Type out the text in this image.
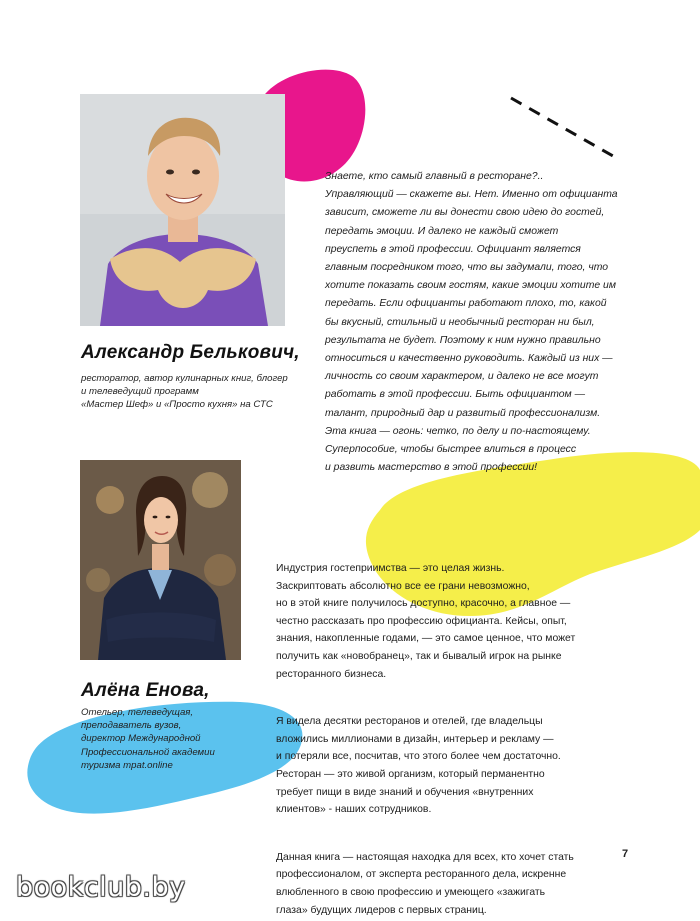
Александр Белькович,
ресторатор, автор кулинарных книг, блогер
и телеведущий программ
«Мастер Шеф» и «Просто кухня» на СТС
Знаете, кто самый главный в ресторане?..
Управляющий — скажете вы. Нет. Именно от официанта
зависит, сможете ли вы донести свою идею до гостей,
передать эмоции. И далеко не каждый сможет
преуспеть в этой профессии. Официант является
главным посредником того, что вы задумали, того, что
хотите показать своим гостям, какие эмоции хотите им
передать. Если официанты работают плохо, то, какой
бы вкусный, стильный и необычный ресторан ни был,
результата не будет. Поэтому к ним нужно правильно
относиться и качественно руководить. Каждый из них —
личность со своим характером, и далеко не все могут
работать в этой профессии. Быть официантом —
талант, природный дар и развитый профессионализм.
Эта книга — огонь: четко, по делу и по-настоящему.
Суперпособие, чтобы быстрее влиться в процесс
и развить мастерство в этой профессии!
Алёна Енова,
Отельер, телеведущая,
преподаватель вузов,
директор Международной
Профессиональной академии
туризма mpat.online

Индустрия гостеприимства — это целая жизнь.
Заскриптовать абсолютно все ее грани невозможно,
но в этой книге получилось доступно, красочно, а главное —
честно рассказать про профессию официанта. Кейсы, опыт,
знания, накопленные годами, — это самое ценное, что может
получить как «новобранец», так и бывалый игрок на рынке
ресторанного бизнеса.

Я видела десятки ресторанов и отелей, где владельцы
вложились миллионами в дизайн, интерьер и рекламу —
и потеряли все, посчитав, что этого более чем достаточно.
Ресторан — это живой организм, который перманентно
требует пищи в виде знаний и обучения «внутренних
клиентов» - наших сотрудников.

Данная книга — настоящая находка для всех, кто хочет стать
профессионалом, от эксперта ресторанного дела, искренне
влюбленного в свою профессию и умеющего «зажигать
глаза» будущих лидеров с первых страниц.

7
bookclub.by
